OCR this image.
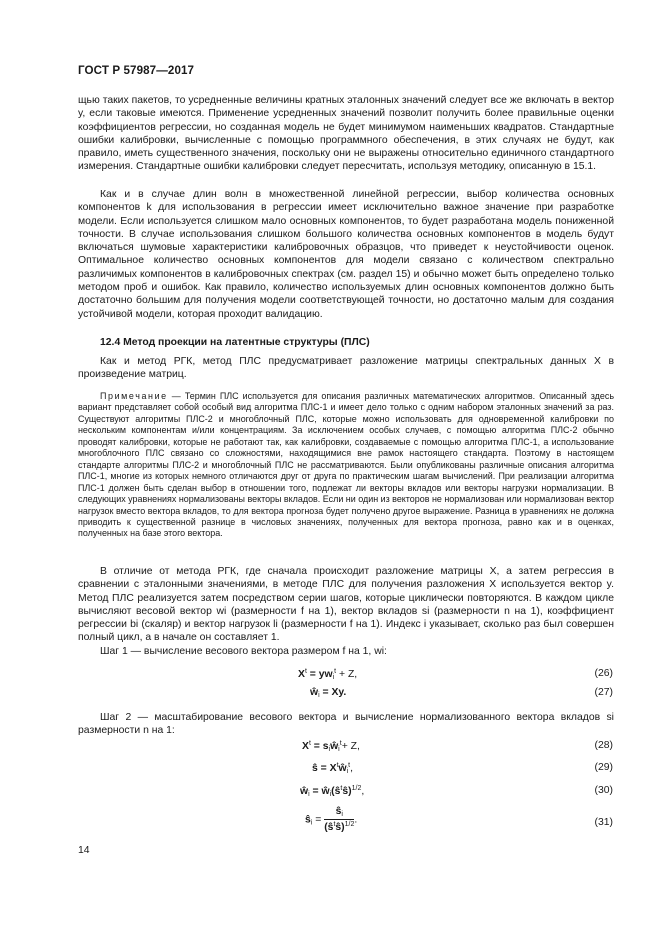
ГОСТ Р 57987—2017

щью таких пакетов, то усредненные величины кратных эталонных значений следует все же включать в вектор y, если таковые имеются. Применение усредненных значений позволит получить более правильные оценки коэффициентов регрессии, но созданная модель не будет минимумом наименьших квадратов. Стандартные ошибки калибровки, вычисленные с помощью программного обеспечения, в этих случаях не будут, как правило, иметь существенного значения, поскольку они не выражены относительно единичного стандартного измерения. Стандартные ошибки калибровки следует пересчитать, используя методику, описанную в 15.1.

Как и в случае длин волн в множественной линейной регрессии, выбор количества основных компонентов k для использования в регрессии имеет исключительно важное значение при разработке модели. Если используется слишком мало основных компонентов, то будет разработана модель пониженной точности. В случае использования слишком большого количества основных компонентов в модель будут включаться шумовые характеристики калибровочных образцов, что приведет к неустойчивости оценок. Оптимальное количество основных компонентов для модели связано с количеством спектрально различимых компонентов в калибровочных спектрах (см. раздел 15) и обычно может быть определено только методом проб и ошибок. Как правило, количество используемых длин основных компонентов должно быть достаточно большим для получения модели соответствующей точности, но достаточно малым для создания устойчивой модели, которая проходит валидацию.

12.4 Метод проекции на латентные структуры (ПЛС)

Как и метод РГК, метод ПЛС предусматривает разложение матрицы спектральных данных X в произведение матриц.

Примечание — Термин ПЛС используется для описания различных математических алгоритмов. Описанный здесь вариант представляет собой особый вид алгоритма ПЛС-1 и имеет дело только с одним набором эталонных значений за раз. Существуют алгоритмы ПЛС-2 и многоблочный ПЛС, которые можно использовать для одновременной калибровки по нескольким компонентам и/или концентрациям. За исключением особых случаев, с помощью алгоритма ПЛС-2 обычно проводят калибровки, которые не работают так, как калибровки, создаваемые с помощью алгоритма ПЛС-1, а использование многоблочного ПЛС связано со сложностями, находящимися вне рамок настоящего стандарта. Поэтому в настоящем стандарте алгоритмы ПЛС-2 и многоблочный ПЛС не рассматриваются. Были опубликованы различные описания алгоритма ПЛС-1, многие из которых немного отличаются друг от друга по практическим шагам вычислений. При реализации алгоритма ПЛС-1 должен быть сделан выбор в отношении того, подлежат ли векторы вкладов или векторы нагрузки нормализации. В следующих уравнениях нормализованы векторы вкладов. Если ни один из векторов не нормализован или нормализован вектор нагрузок вместо вектора вкладов, то для вектора прогноза будет получено другое выражение. Разница в уравнениях не должна приводить к существенной разнице в числовых значениях, полученных для вектора прогноза, равно как и в оценках, полученных на базе этого вектора.

В отличие от метода РГК, где сначала происходит разложение матрицы X, а затем регрессия в сравнении с эталонными значениями, в методе ПЛС для получения разложения X используется вектор y. Метод ПЛС реализуется затем посредством серии шагов, которые циклически повторяются. В каждом цикле вычисляют весовой вектор wi (размерности f на 1), вектор вкладов si (размерности n на 1), коэффициент регрессии bi (скаляр) и вектор нагрузок li (размерности f на 1). Индекс i указывает, сколько раз был совершен полный цикл, а в начале он составляет 1.

Шаг 1 — вычисление весового вектора размером f на 1, wi:

$X^t = yw_i^t + Z$,	(26)
$ŵ_i = Xy$.	(27)

Шаг 2 — масштабирование весового вектора и вычисление нормализованного вектора вкладов si размерности n на 1:

$X^t$ = $s_iŵ_i^t+ Z$,	(28)
ŝ = $X^tŵ_i^t$,	(29)
$ŵ_i$ = $ŵ_i(ŝ^tŝ)^{1/2}$,	(30)
$ŝ_i = \frac{ŝ_i}{(ŝ^tŝ)^{1/2}}$ .	(31)
14
